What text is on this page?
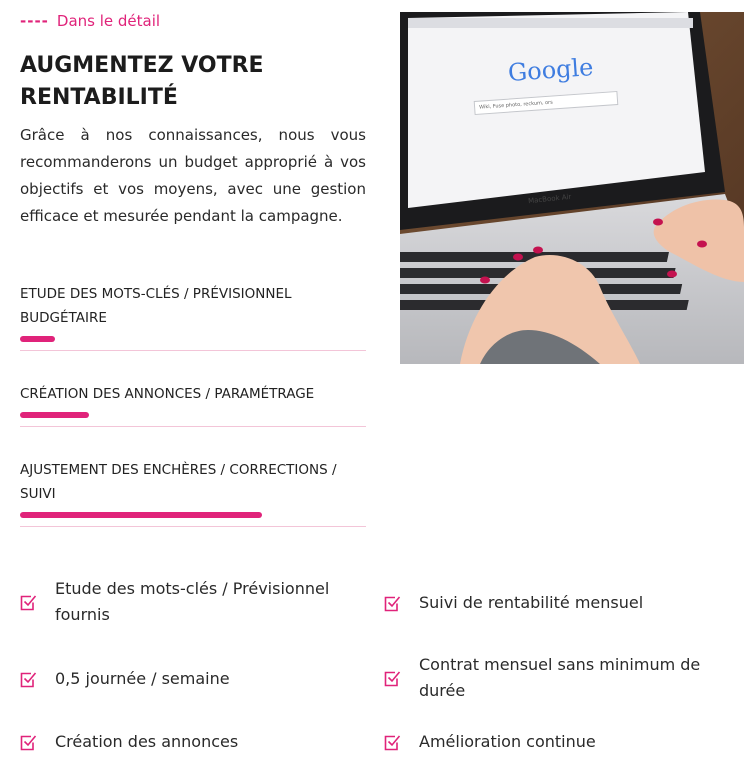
---- Dans le détail
AUGMENTEZ VOTRE RENTABILITÉ

Grâce à nos connaissances, nous vous recommanderons un budget approprié à vos objectifs et vos moyens, avec une gestion efficace et mesurée pendant la campagne.

ETUDE DES MOTS-CLÉS / PRÉVISIONNEL BUDGÉTAIRE
CRÉATION DES ANNONCES / PARAMÉTRAGE
AJUSTEMENT DES ENCHÈRES / CORRECTIONS / SUIVI
Google
Wiki, Fuse photo, reckum, ors
MacBook Air
Etude des mots-clés / Prévisionnel fournis
0,5 journée / semaine
Création des annonces
Suivi de rentabilité mensuel
Contrat mensuel sans minimum de durée
Amélioration continue
